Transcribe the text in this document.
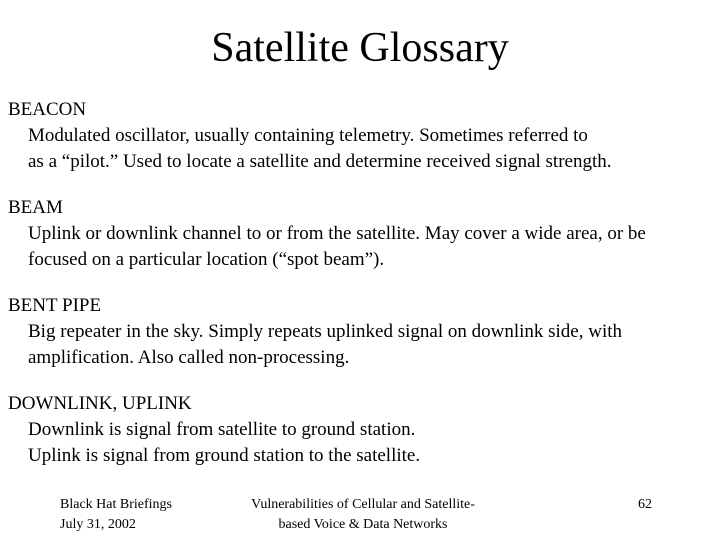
Satellite Glossary
BEACON
Modulated oscillator, usually containing telemetry. Sometimes referred to
as a “pilot.” Used to locate a satellite and determine received signal strength.
BEAM
Uplink or downlink channel to or from the satellite. May cover a wide area, or be
focused on a particular location (“spot beam”).
BENT PIPE
Big repeater in the sky. Simply repeats uplinked signal on downlink side, with
amplification. Also called non-processing.
DOWNLINK, UPLINK
Downlink is signal from satellite to ground station.
Uplink is signal from ground station to the satellite.
Black Hat Briefings
July 31, 2002
Vulnerabilities of Cellular and Satellite-
based Voice & Data Networks
62
